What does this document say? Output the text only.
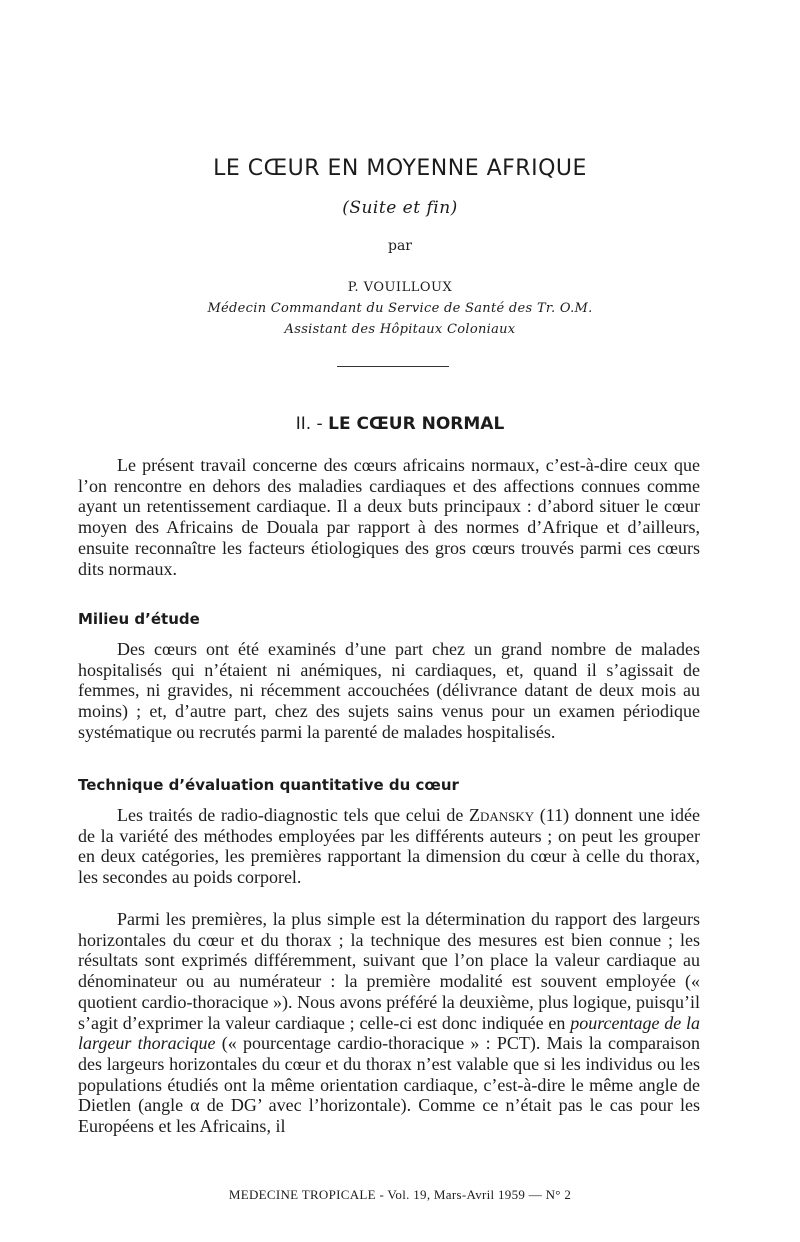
LE CŒUR EN MOYENNE AFRIQUE
(Suite et fin)
par
P. VOUILLOUX
Médecin Commandant du Service de Santé des Tr. O.M.
Assistant des Hôpitaux Coloniaux
II. - LE CŒUR NORMAL

Le présent travail concerne des cœurs africains normaux, c’est-à-dire ceux que l’on rencontre en dehors des maladies cardiaques et des affections connues comme ayant un retentissement cardiaque. Il a deux buts principaux : d’abord situer le cœur moyen des Africains de Douala par rapport à des normes d’Afrique et d’ailleurs, ensuite reconnaître les facteurs étiologiques des gros cœurs trouvés parmi ces cœurs dits normaux.

Milieu d’étude

Des cœurs ont été examinés d’une part chez un grand nombre de malades hospitalisés qui n’étaient ni anémiques, ni cardiaques, et, quand il s’agissait de femmes, ni gravides, ni récemment accouchées (délivrance datant de deux mois au moins) ; et, d’autre part, chez des sujets sains venus pour un examen périodique systématique ou recrutés parmi la parenté de malades hospitalisés.

Technique d’évaluation quantitative du cœur

Les traités de radio-diagnostic tels que celui de Zdansky (11) donnent une idée de la variété des méthodes employées par les différents auteurs ; on peut les grouper en deux catégories, les premières rapportant la dimension du cœur à celle du thorax, les secondes au poids corporel.

Parmi les premières, la plus simple est la détermination du rapport des largeurs horizontales du cœur et du thorax ; la technique des mesures est bien connue ; les résultats sont exprimés différemment, suivant que l’on place la valeur cardiaque au dénominateur ou au numérateur : la première modalité est souvent employée (« quotient cardio-thoracique »). Nous avons préféré la deuxième, plus logique, puisqu’il s’agit d’exprimer la valeur cardiaque ; celle-ci est donc indiquée en pourcentage de la largeur thoracique (« pourcentage cardio-thoracique » : PCT). Mais la comparaison des largeurs horizontales du cœur et du thorax n’est valable que si les individus ou les populations étudiés ont la même orientation cardiaque, c’est-à-dire le même angle de Dietlen (angle α de DG’ avec l’horizontale). Comme ce n’était pas le cas pour les Européens et les Africains, il

MEDECINE TROPICALE - Vol. 19, Mars-Avril 1959 — N° 2
